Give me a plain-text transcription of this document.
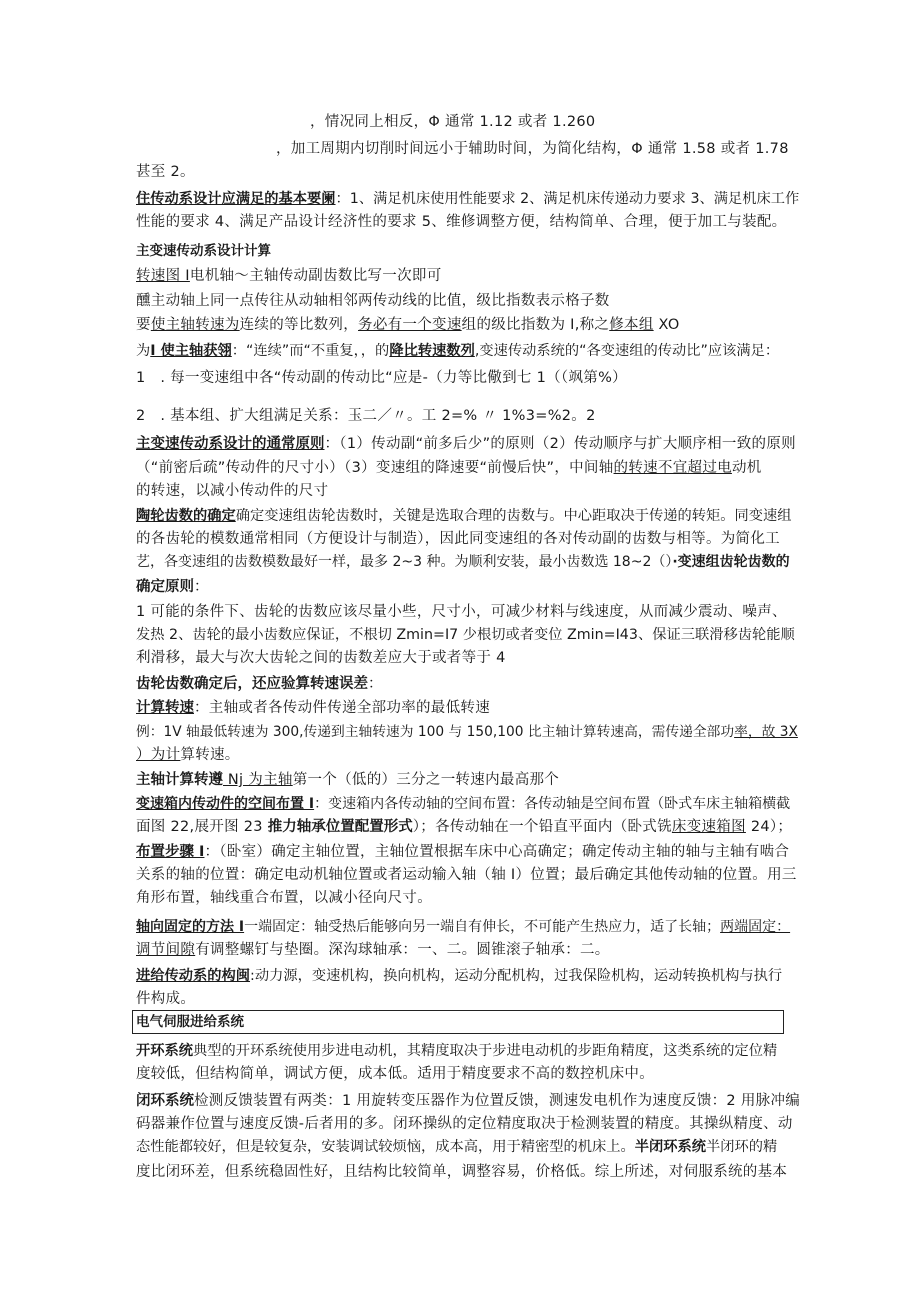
，情况同上相反，Φ 通常 1.12 或者 1.260
，加工周期内切削时间远小于辅助时间，为简化结构，Φ 通常 1.58 或者 1.78
甚至 2。
住传动系设计应满足的基本要阑：1、满足机床使用性能要求 2、满足机床传递动力要求 3、满足机床工作
性能的要求 4、满足产品设计经济性的要求 5、维修调整方便，结构简单、合理，便于加工与装配。
主变速传动系设计计算
转速图 I电机轴～主轴传动副齿数比写一次即可
醺主动轴上同一点传往从动轴相邻两传动线的比值，级比指数表示格子数
要使主轴转速为连续的等比数列，务必有一个变速组的级比指数为 I,称之修本组 XO
为I 使主轴获翎：“连续”而“不重复，，的降比转速数列,变速传动系统的“各变速组的传动比”应该满足：
1　. 每一变速组中各“传动副的传动比“应是-（力等比儆到七 1（（飒第%）
2　. 基本组、扩大组满足关系：玉二／〃。工 2=% 〃 1%3=%2。2
主变速传动系设计的通常原则：（1）传动副“前多后少”的原则（2）传动顺序与扩大顺序相一致的原则
（“前密后疏”传动件的尺寸小）（3）变速组的降速要“前慢后快”，中间轴的转速不宜超过电动机
的转速，以减小传动件的尺寸
陶轮齿数的确定确定变速组齿轮齿数时，关键是选取合理的齿数与。中心距取决于传递的转矩。同变速组
的各齿轮的模数通常相同（方便设计与制造），因此同变速组的各对传动副的齿数与相等。为简化工
艺，各变速组的齿数模数最好一样，最多 2~3 种。为顺利安装，最小齿数选 18~2（）·变速组齿轮齿数的
确定原则：
1 可能的条件下、齿轮的齿数应该尽量小些，尺寸小，可减少材料与线速度，从而减少震动、噪声、
发热 2、齿轮的最小齿数应保证，不根切 Zmin=I7 少根切或者变位 Zmin=I43、保证三联滑移齿轮能顺
利滑移，最大与次大齿轮之间的齿数差应大于或者等于 4
齿轮齿数确定后，还应验算转速误差：
计算转速：主轴或者各传动件传递全部功率的最低转速
例：1V 轴最低转速为 300,传递到主轴转速为 100 与 150,100 比主轴计算转速高，需传递全部功率，故 3X
）为计算转速。
主轴计算转遵 Nj 为主轴第一个（低的）三分之一转速内最高那个
变速箱内传动件的空间布置 I：变速箱内各传动轴的空间布置：各传动轴是空间布置（卧式车床主轴箱横截
面图 22,展开图 23 推力轴承位置配置形式）；各传动轴在一个铅直平面内（卧式铣床变速箱图 24）；
布置步骤 I：（卧室）确定主轴位置，主轴位置根据车床中心高确定；确定传动主轴的轴与主轴有啮合
关系的轴的位置：确定电动机轴位置或者运动输入轴（轴 I）位置；最后确定其他传动轴的位置。用三
角形布置，轴线重合布置，以减小径向尺寸。
轴向固定的方法 I一端固定：轴受热后能够向另一端自有伸长，不可能产生热应力，适了长轴；两端固定：
调节间隙有调整螺钉与垫圈。深沟球轴承：一、二。圆锥滚子轴承：二。
进给传动系的构闽:动力源，变速机构，换向机构，运动分配机构，过我保险机构，运动转换机构与执行
件构成。
电气伺服进给系统
开环系统典型的开环系统使用步进电动机，其精度取决于步进电动机的步距角精度，这类系统的定位精
度较低，但结构简单，调试方便，成本低。适用于精度要求不高的数控机床中。
闭环系统检测反馈装置有两类：1 用旋转变压器作为位置反馈，测速发电机作为速度反馈：2 用脉冲编
码器兼作位置与速度反馈-后者用的多。闭环操纵的定位精度取决于检测装置的精度。其操纵精度、动
态性能都较好，但是较复杂，安装调试较烦恼，成本高，用于精密型的机床上。半闭环系统半闭环的精
度比闭环差，但系统稳固性好，且结构比较简单，调整容易，价格低。综上所述，对伺服系统的基本
